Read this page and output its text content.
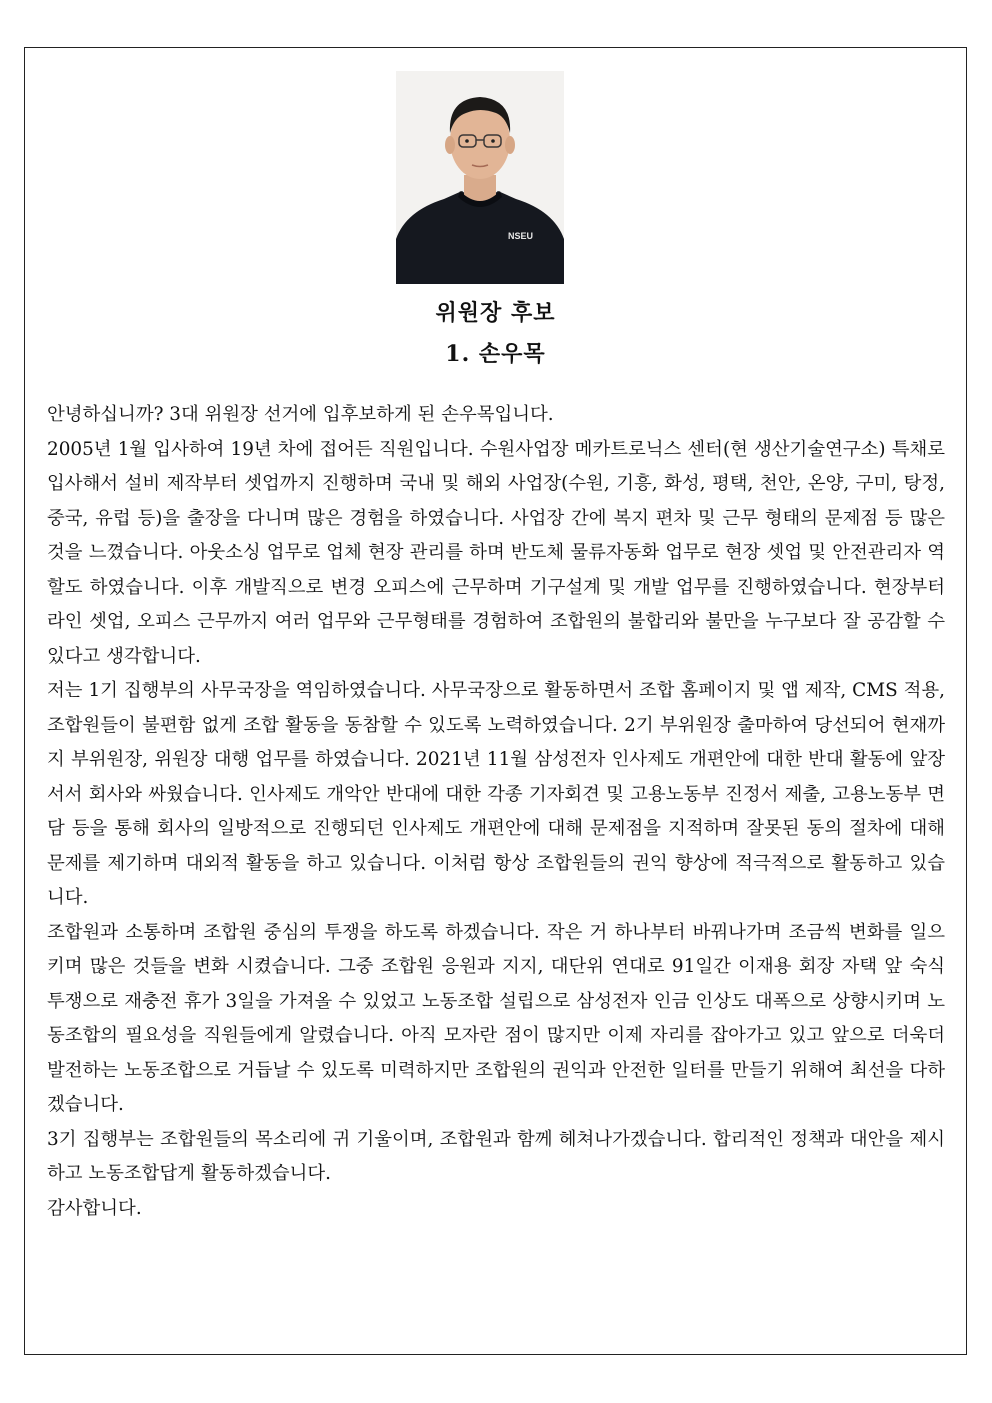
NSEU
위원장 후보
1. 손우목

안녕하십니까? 3대 위원장 선거에 입후보하게 된 손우목입니다.

2005년 1월 입사하여 19년 차에 접어든 직원입니다. 수원사업장 메카트로닉스 센터(현 생산기술연구소) 특채로 입사해서 설비 제작부터 셋업까지 진행하며 국내 및 해외 사업장(수원, 기흥, 화성, 평택, 천안, 온양, 구미, 탕정, 중국, 유럽 등)을 출장을 다니며 많은 경험을 하였습니다. 사업장 간에 복지 편차 및 근무 형태의 문제점 등 많은 것을 느꼈습니다. 아웃소싱 업무로 업체 현장 관리를 하며 반도체 물류자동화 업무로 현장 셋업 및 안전관리자 역할도 하였습니다. 이후 개발직으로 변경 오피스에 근무하며 기구설계 및 개발 업무를 진행하였습니다. 현장부터 라인 셋업, 오피스 근무까지 여러 업무와 근무형태를 경험하여 조합원의 불합리와 불만을 누구보다 잘 공감할 수 있다고 생각합니다.

저는 1기 집행부의 사무국장을 역임하였습니다. 사무국장으로 활동하면서 조합 홈페이지 및 앱 제작, CMS 적용, 조합원들이 불편함 없게 조합 활동을 동참할 수 있도록 노력하였습니다. 2기 부위원장 출마하여 당선되어 현재까지 부위원장, 위원장 대행 업무를 하였습니다. 2021년 11월 삼성전자 인사제도 개편안에 대한 반대 활동에 앞장서서 회사와 싸웠습니다. 인사제도 개악안 반대에 대한 각종 기자회견 및 고용노동부 진정서 제출, 고용노동부 면담 등을 통해 회사의 일방적으로 진행되던 인사제도 개편안에 대해 문제점을 지적하며 잘못된 동의 절차에 대해 문제를 제기하며 대외적 활동을 하고 있습니다. 이처럼 항상 조합원들의 권익 향상에 적극적으로 활동하고 있습니다.

조합원과 소통하며 조합원 중심의 투쟁을 하도록 하겠습니다. 작은 거 하나부터 바꿔나가며 조금씩 변화를 일으키며 많은 것들을 변화 시켰습니다. 그중 조합원 응원과 지지, 대단위 연대로 91일간 이재용 회장 자택 앞 숙식 투쟁으로 재충전 휴가 3일을 가져올 수 있었고 노동조합 설립으로 삼성전자 인금 인상도 대폭으로 상향시키며 노동조합의 필요성을 직원들에게 알렸습니다. 아직 모자란 점이 많지만 이제 자리를 잡아가고 있고 앞으로 더욱더 발전하는 노동조합으로 거듭날 수 있도록 미력하지만 조합원의 권익과 안전한 일터를 만들기 위해여 최선을 다하겠습니다.

3기 집행부는 조합원들의 목소리에 귀 기울이며, 조합원과 함께 헤쳐나가겠습니다. 합리적인 정책과 대안을 제시하고 노동조합답게 활동하겠습니다.

감사합니다.
